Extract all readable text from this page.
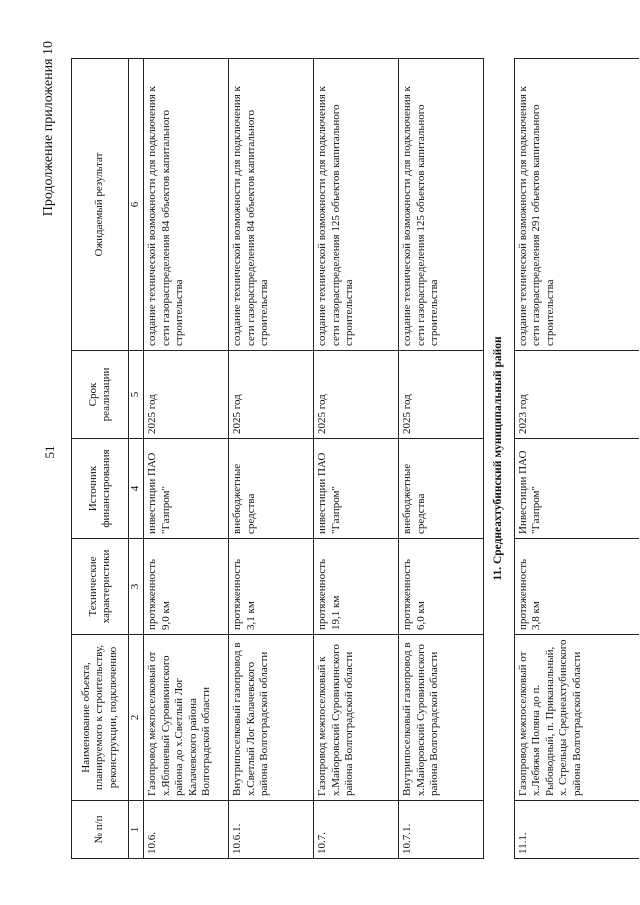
51
Продолжение приложения 10
№ п/п	Наименование объекта, планируемого к строительству, реконструкции, подключению	Технические характеристики	Источник финансирования	Срок реализации	Ожидаемый результат
1	2	3	4	5	6
10.6.	Газопровод межпоселковый от х.Яблоневый Суровикинского района до х.Светлый Лог Калачевского района Волгоградской области	протяженность 9,0 км	инвестиции ПАО "Газпром"	2025 год	создание технической возможности для подключения к сети газораспределения 84 объектов капитального строительства
10.6.1.	Внутрипоселковый газопровод в х.Светлый Лог Калачевского района Волгоградской области	протяженность 3,1 км	внебюджетные средства	2025 год	создание технической возможности для подключения к сети газораспределения 84 объектов капитального строительства
10.7.	Газопровод межпоселковый к х.Майоровский Суровикинского района Волгоградской области	протяженность 19,1 км	инвестиции ПАО "Газпром"	2025 год	создание технической возможности для подключения к сети газораспределения 125 объектов капитального строительства
10.7.1.	Внутрипоселковый газопровод в х.Майоровский Суровикинского района Волгоградской области	протяженность 6,0 км	внебюджетные средства	2025 год	создание технической возможности для подключения к сети газораспределения 125 объектов капитального строительства
11. Среднеахтубинский муниципальный район					
11.1.	Газопровод межпоселковый от х.Лебяжья Поляна до п. Рыбоводный, п. Приканальный, х. Стрельцы Среднеахтубинского района Волгоградской области	протяженность 3,8 км	Инвестиции ПАО "Газпром"	2023 год	создание технической возможности для подключения к сети газораспределения 291 объектов капитального строительства
